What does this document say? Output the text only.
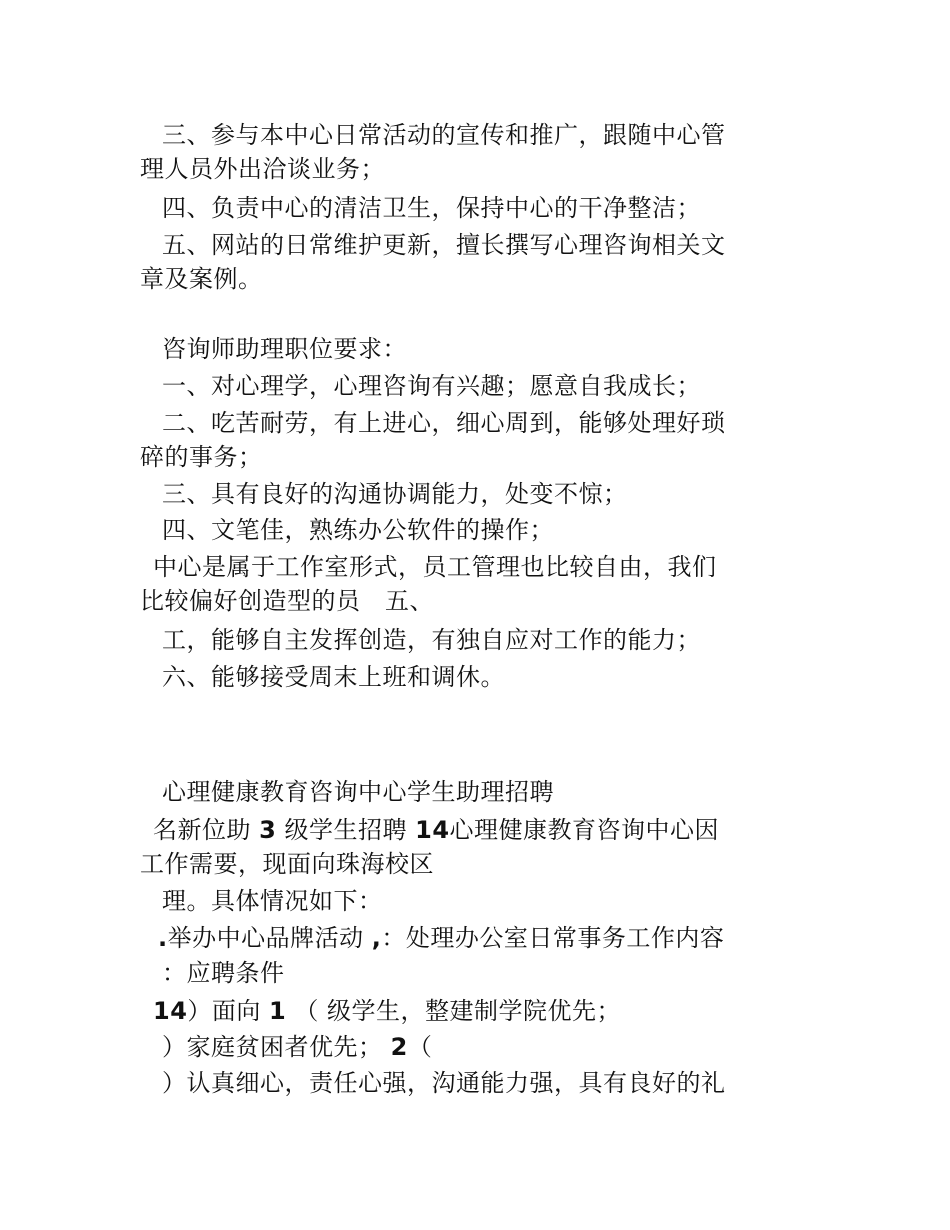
三、参与本中心日常活动的宣传和推广，跟随中心管
理人员外出洽谈业务；
四、负责中心的清洁卫生，保持中心的干净整洁；
五、网站的日常维护更新，擅长撰写心理咨询相关文
章及案例。
咨询师助理职位要求：
一、对心理学，心理咨询有兴趣；愿意自我成长；
二、吃苦耐劳，有上进心，细心周到，能够处理好琐
碎的事务；
三、具有良好的沟通协调能力，处变不惊；
四、文笔佳，熟练办公软件的操作；
中心是属于工作室形式，员工管理也比较自由，我们
比较偏好创造型的员　五、
工，能够自主发挥创造，有独自应对工作的能力；
六、能够接受周末上班和调休。
心理健康教育咨询中心学生助理招聘
名新位助 3 级学生招聘 14心理健康教育咨询中心因
工作需要，现面向珠海校区
理。具体情况如下：
.举办中心品牌活动 ,：处理办公室日常事务工作内容
：应聘条件
14）面向 1 （ 级学生，整建制学院优先；
）家庭贫困者优先； 2（
）认真细心，责任心强，沟通能力强，具有良好的礼
